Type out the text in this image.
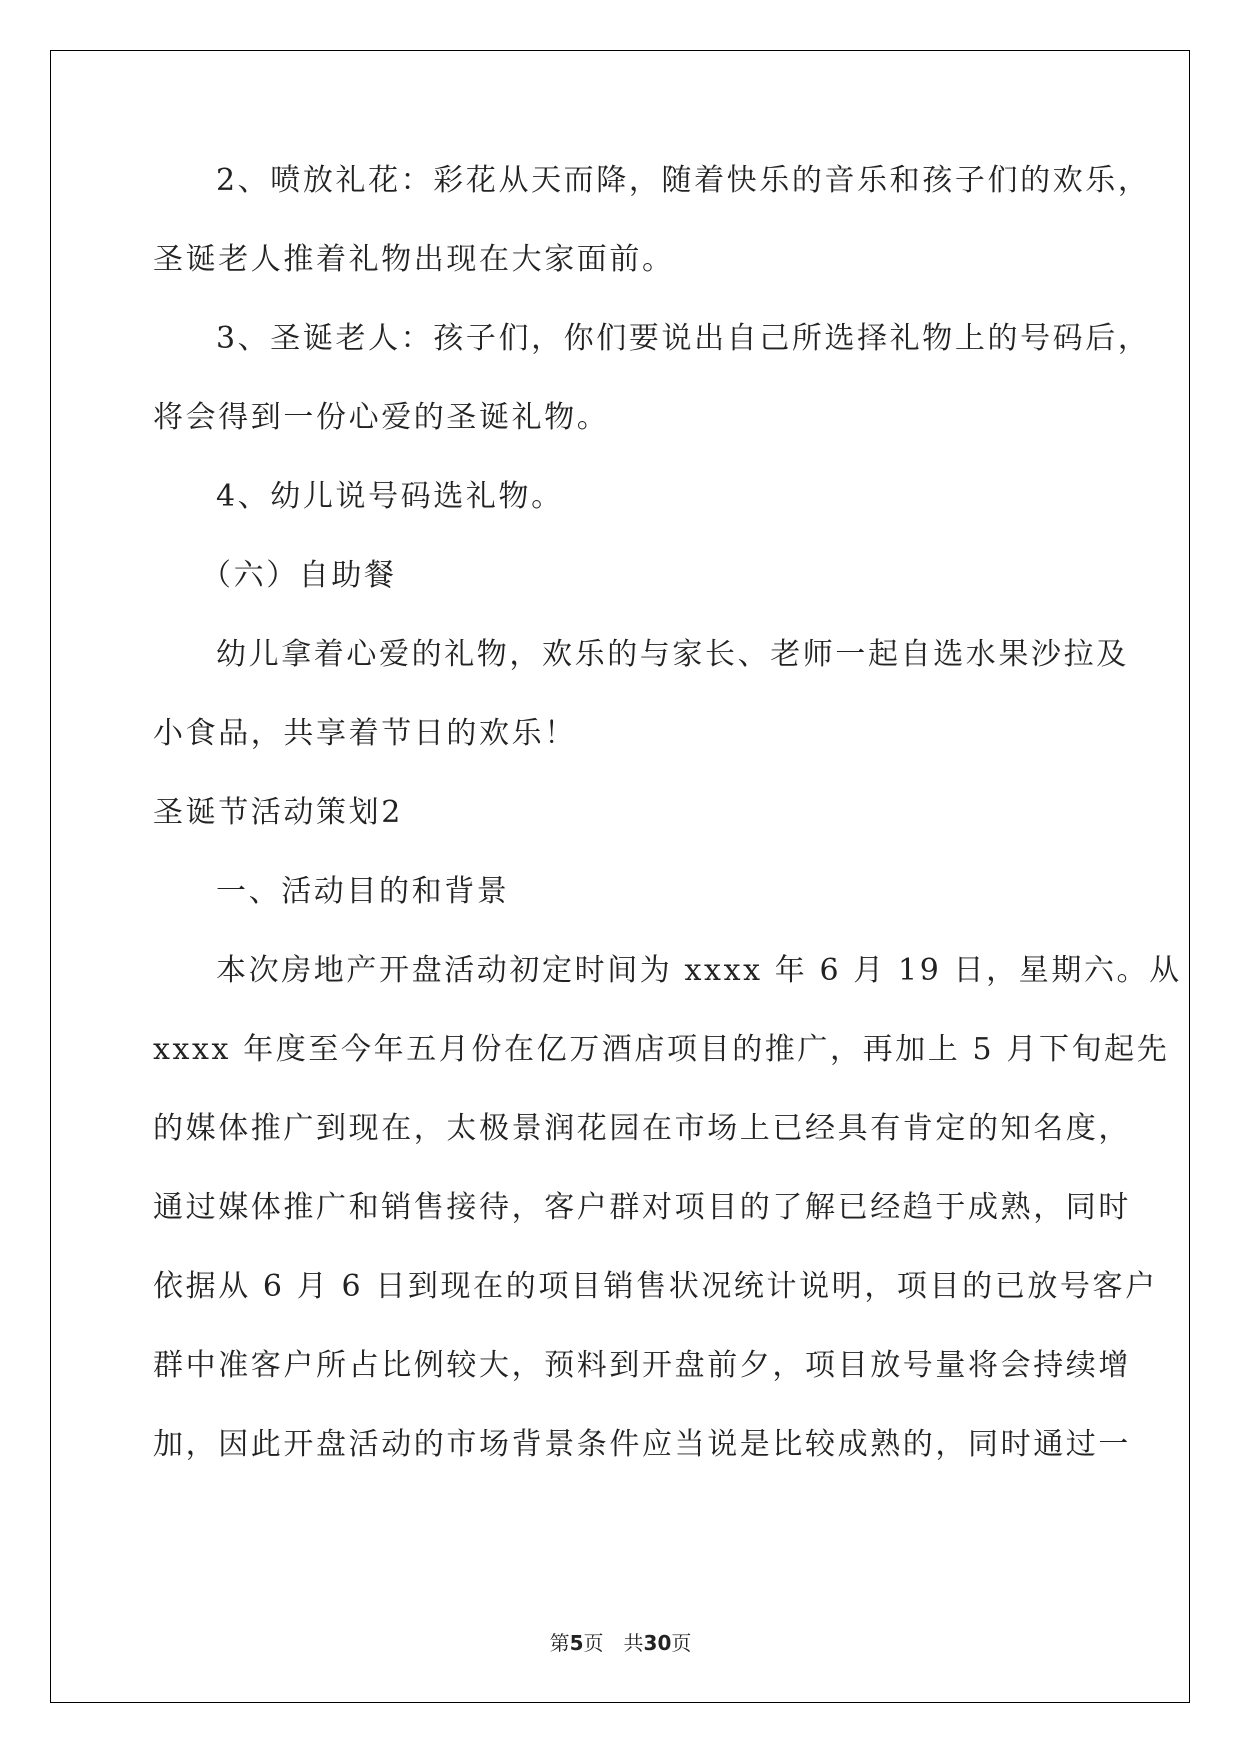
2、喷放礼花：彩花从天而降，随着快乐的音乐和孩子们的欢乐，
圣诞老人推着礼物出现在大家面前。
3、圣诞老人：孩子们，你们要说出自己所选择礼物上的号码后，
将会得到一份心爱的圣诞礼物。
4、幼儿说号码选礼物。
（六）自助餐
幼儿拿着心爱的礼物，欢乐的与家长、老师一起自选水果沙拉及
小食品，共享着节日的欢乐！
圣诞节活动策划2
一、活动目的和背景
本次房地产开盘活动初定时间为 xxxx 年 6 月 19 日，星期六。从
xxxx 年度至今年五月份在亿万酒店项目的推广，再加上 5 月下旬起先
的媒体推广到现在，太极景润花园在市场上已经具有肯定的知名度，
通过媒体推广和销售接待，客户群对项目的了解已经趋于成熟，同时
依据从 6 月 6 日到现在的项目销售状况统计说明，项目的已放号客户
群中准客户所占比例较大，预料到开盘前夕，项目放号量将会持续增
加，因此开盘活动的市场背景条件应当说是比较成熟的，同时通过一
第5页　共30页
